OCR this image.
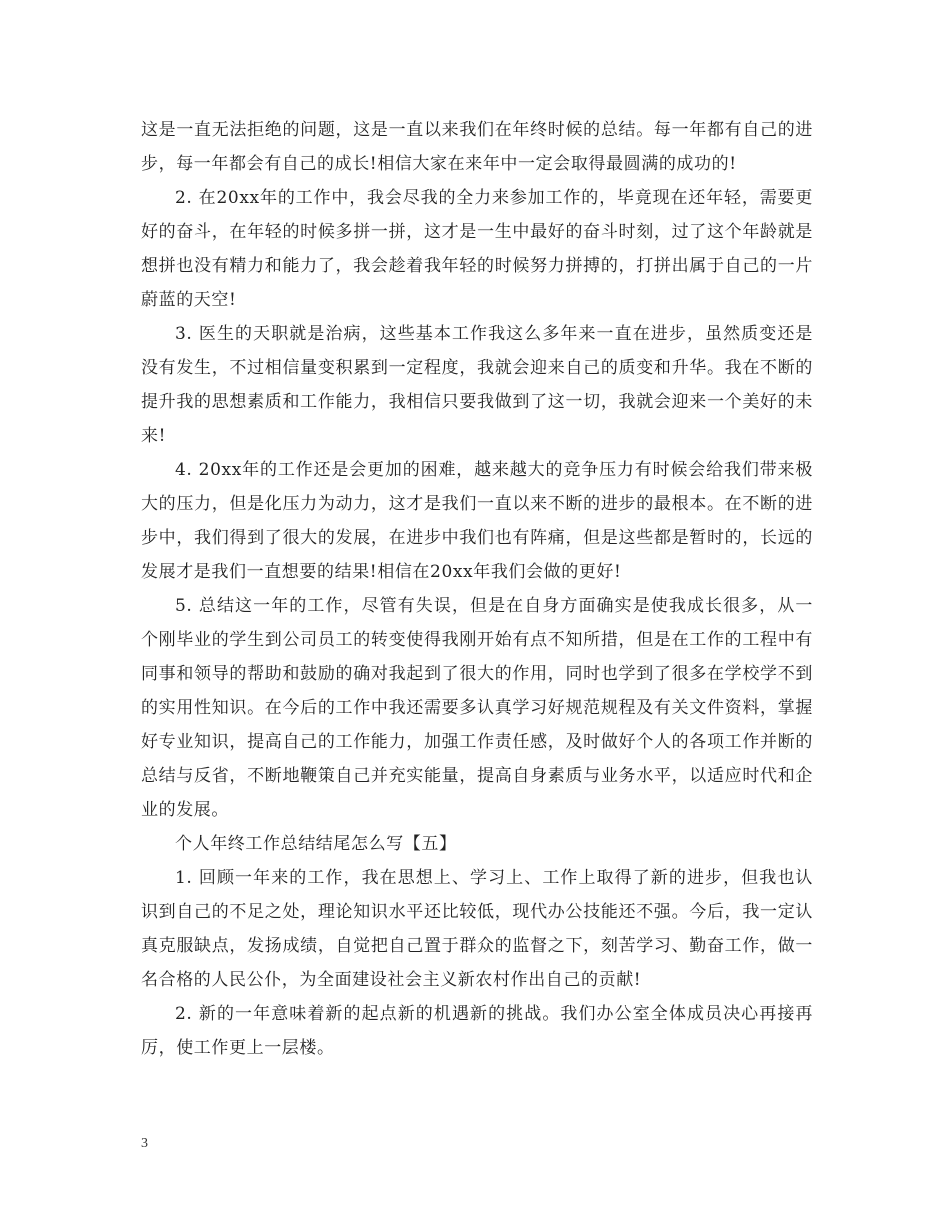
这是一直无法拒绝的问题，这是一直以来我们在年终时候的总结。每一年都有自己的进步，每一年都会有自己的成长!相信大家在来年中一定会取得最圆满的成功的!

2. 在20xx年的工作中，我会尽我的全力来参加工作的，毕竟现在还年轻，需要更好的奋斗，在年轻的时候多拼一拼，这才是一生中最好的奋斗时刻，过了这个年龄就是想拼也没有精力和能力了，我会趁着我年轻的时候努力拼搏的，打拼出属于自己的一片蔚蓝的天空!

3. 医生的天职就是治病，这些基本工作我这么多年来一直在进步，虽然质变还是没有发生，不过相信量变积累到一定程度，我就会迎来自己的质变和升华。我在不断的提升我的思想素质和工作能力，我相信只要我做到了这一切，我就会迎来一个美好的未来!

4. 20xx年的工作还是会更加的困难，越来越大的竞争压力有时候会给我们带来极大的压力，但是化压力为动力，这才是我们一直以来不断的进步的最根本。在不断的进步中，我们得到了很大的发展，在进步中我们也有阵痛，但是这些都是暂时的，长远的发展才是我们一直想要的结果!相信在20xx年我们会做的更好!

5. 总结这一年的工作，尽管有失误，但是在自身方面确实是使我成长很多，从一个刚毕业的学生到公司员工的转变使得我刚开始有点不知所措，但是在工作的工程中有同事和领导的帮助和鼓励的确对我起到了很大的作用，同时也学到了很多在学校学不到的实用性知识。在今后的工作中我还需要多认真学习好规范规程及有关文件资料，掌握好专业知识，提高自己的工作能力，加强工作责任感，及时做好个人的各项工作并断的总结与反省，不断地鞭策自己并充实能量，提高自身素质与业务水平，以适应时代和企业的发展。

个人年终工作总结结尾怎么写【五】

1. 回顾一年来的工作，我在思想上、学习上、工作上取得了新的进步，但我也认识到自己的不足之处，理论知识水平还比较低，现代办公技能还不强。今后，我一定认真克服缺点，发扬成绩，自觉把自己置于群众的监督之下，刻苦学习、勤奋工作，做一名合格的人民公仆，为全面建设社会主义新农村作出自己的贡献!

2. 新的一年意味着新的起点新的机遇新的挑战。我们办公室全体成员决心再接再厉，使工作更上一层楼。

3
